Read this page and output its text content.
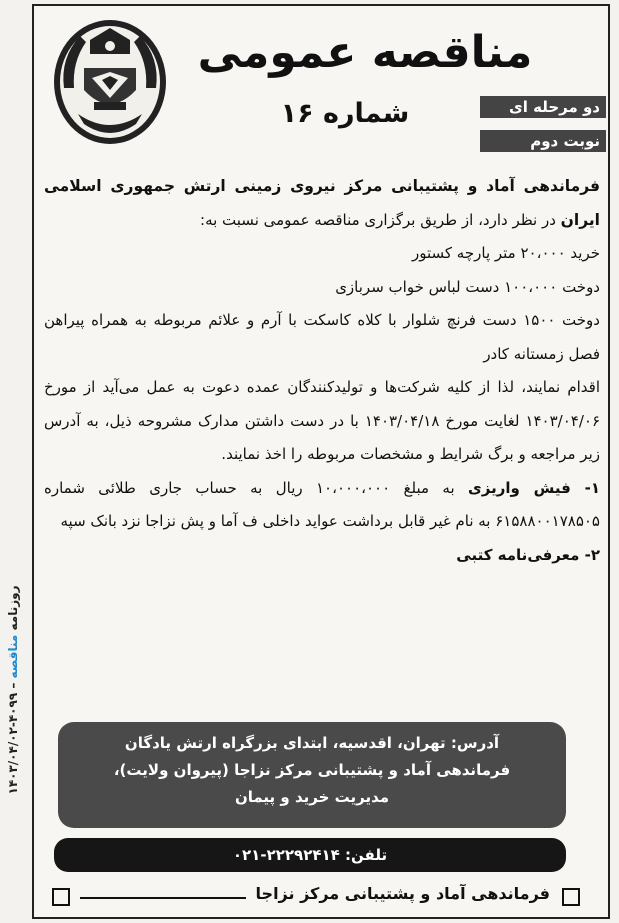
روزنامه مناقصه – ۴۰۹۹-۱۴۰۳/۰۴/۰۲
مناقصه عمومی
دو مرحله ای
نوبت دوم
شماره ۱۶

فرماندهی آماد و پشتیبانی مرکز نیروی زمینی ارتش جمهوری اسلامی ایران در نظر دارد، از طریق برگزاری مناقصه عمومی نسبت به:

خرید ۲۰،۰۰۰ متر پارچه کستور

دوخت ۱۰۰،۰۰۰ دست لباس خواب سربازی

دوخت ۱۵۰۰ دست فرنچ شلوار با کلاه کاسکت با آرم و علائم مربوطه به همراه پیراهن فصل زمستانه کادر

اقدام نمایند، لذا از کلیه شرکت‌ها و تولیدکنندگان عمده دعوت به عمل می‌آید از مورخ ۱۴۰۳/۰۴/۰۶ لغایت مورخ ۱۴۰۳/۰۴/۱۸ با در دست داشتن مدارک مشروحه ذیل، به آدرس زیر مراجعه و برگ شرایط و مشخصات مربوطه را اخذ نمایند.

۱- فیش واریزی به مبلغ ۱۰،۰۰۰،۰۰۰ ریال به حساب جاری طلائی شماره ۶۱۵۸۸۰۰۱۷۸۵۰۵ به نام غیر قابل برداشت عواید داخلی ف آما و پش نزاجا نزد بانک سپه

۲- معرفی‌نامه کتبی

آدرس: تهران، اقدسیه، ابتدای بزرگراه ارتش یادگان
فرماندهی آماد و پشتیبانی مرکز نزاجا (پیروان ولایت)،
مدیریت خرید و پیمان
تلفن: ۲۲۲۹۲۴۱۴-۰۲۱
فرماندهی آماد و پشتیبانی مرکز نزاجا
